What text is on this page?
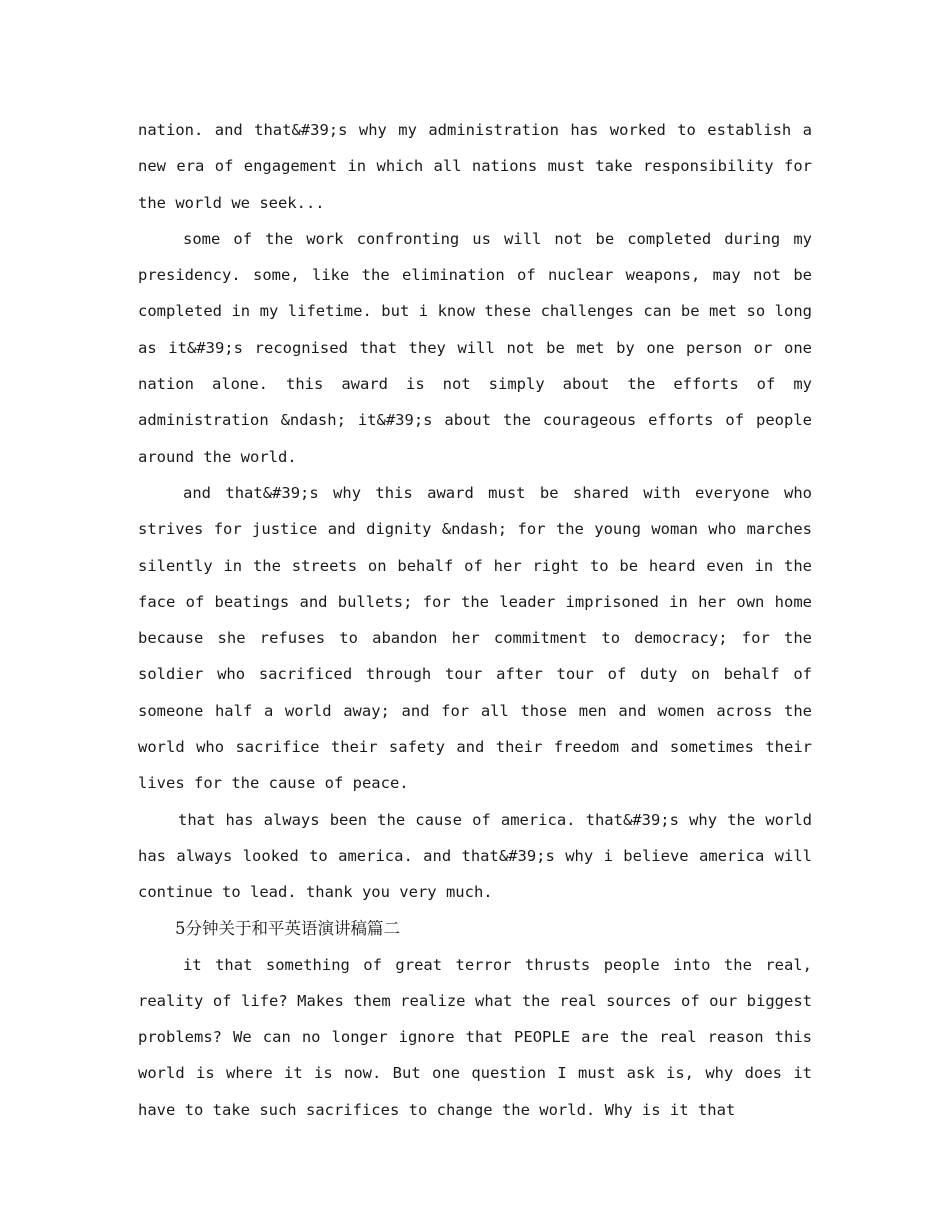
nation. and that&#39;s why my administration has worked to establish a new era of engagement in which all nations must take responsibility for the world we seek...

some of the work confronting us will not be completed during my presidency. some, like the elimination of nuclear weapons, may not be completed in my lifetime. but i know these challenges can be met so long as it&#39;s recognised that they will not be met by one person or one nation alone. this award is not simply about the efforts of my administration &ndash; it&#39;s about the courageous efforts of people around the world.

and that&#39;s why this award must be shared with everyone who strives for justice and dignity &ndash; for the young woman who marches silently in the streets on behalf of her right to be heard even in the face of beatings and bullets; for the leader imprisoned in her own home because she refuses to abandon her commitment to democracy; for the soldier who sacrificed through tour after tour of duty on behalf of someone half a world away; and for all those men and women across the world who sacrifice their safety and their freedom and sometimes their lives for the cause of peace.

that has always been the cause of america. that&#39;s why the world has always looked to america. and that&#39;s why i believe america will continue to lead. thank you very much.

5分钟关于和平英语演讲稿篇二

it that something of great terror thrusts people into the real, reality of life? Makes them realize what the real sources of our biggest problems? We can no longer ignore that PEOPLE are the real reason this world is where it is now. But one question I must ask is, why does it have to take such sacrifices to change the world. Why is it that
